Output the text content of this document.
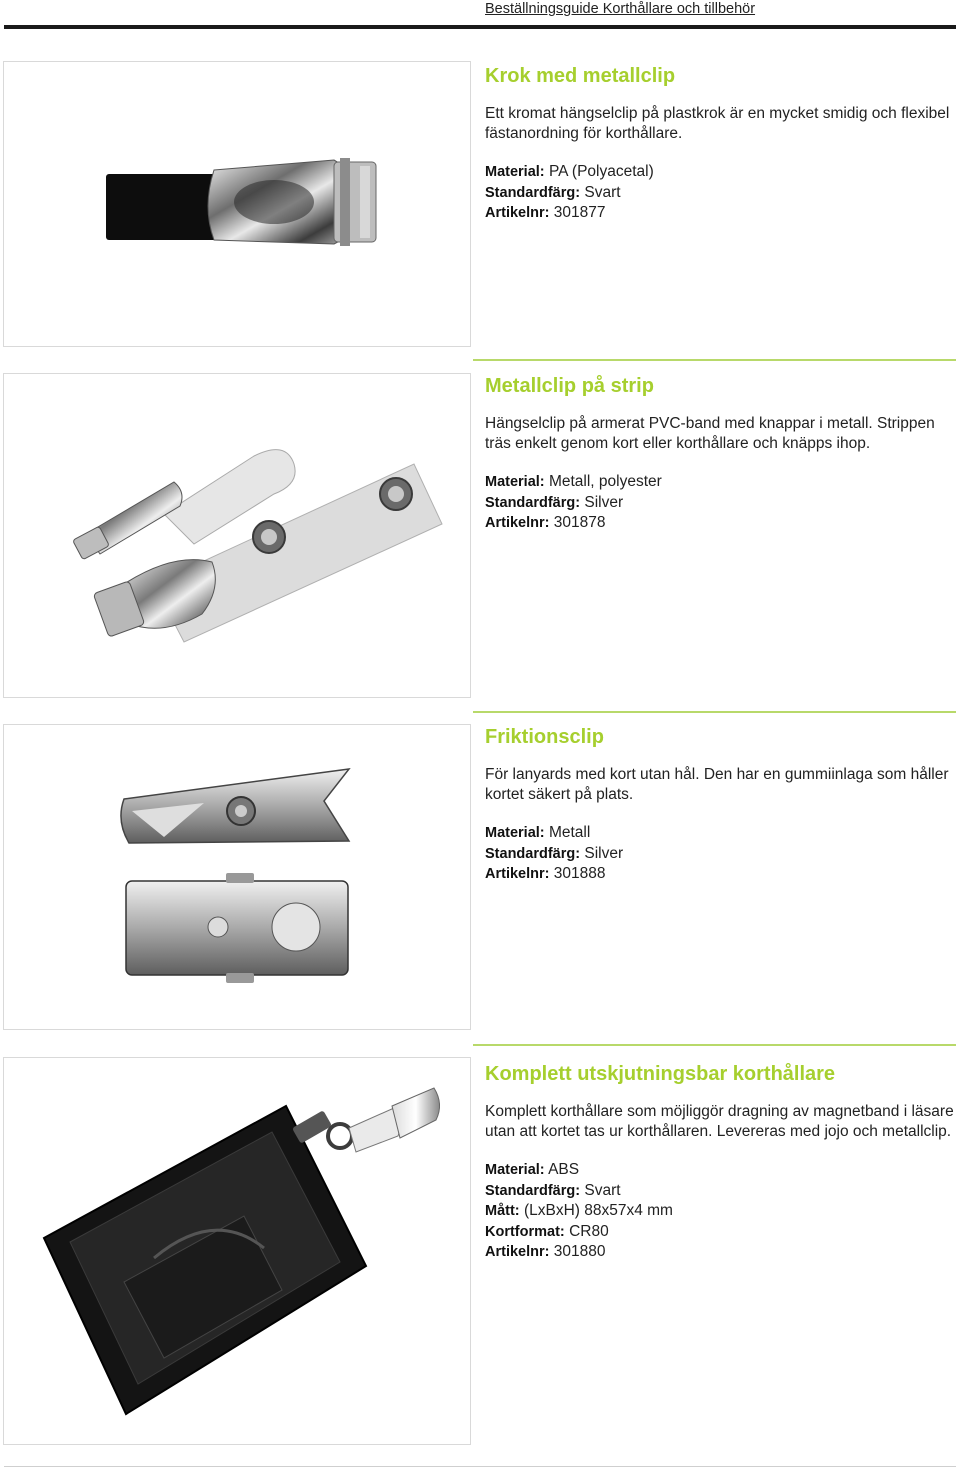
Beställningsguide Korthållare och tillbehör
Krok med metallclip

Ett kromat hängselclip på plastkrok är en mycket smidig och flexibel fästanordning för korthållare.

Material: PA (Polyacetal)
Standardfärg: Svart
Artikelnr: 301877
Metallclip på strip

Hängselclip på armerat PVC-band med knappar i metall. Strippen träs enkelt genom kort eller korthållare och knäpps ihop.

Material: Metall, polyester
Standardfärg: Silver
Artikelnr: 301878
Friktionsclip

För lanyards med kort utan hål. Den har en gummiinlaga som håller kortet säkert på plats.

Material: Metall
Standardfärg: Silver
Artikelnr: 301888
Komplett utskjutningsbar korthållare

Komplett korthållare som möjliggör dragning av magnetband i läsare utan att kortet tas ur korthållaren. Levereras med jojo och metallclip.

Material: ABS
Standardfärg: Svart
Mått: (LxBxH) 88x57x4 mm
Kortformat: CR80
Artikelnr: 301880
